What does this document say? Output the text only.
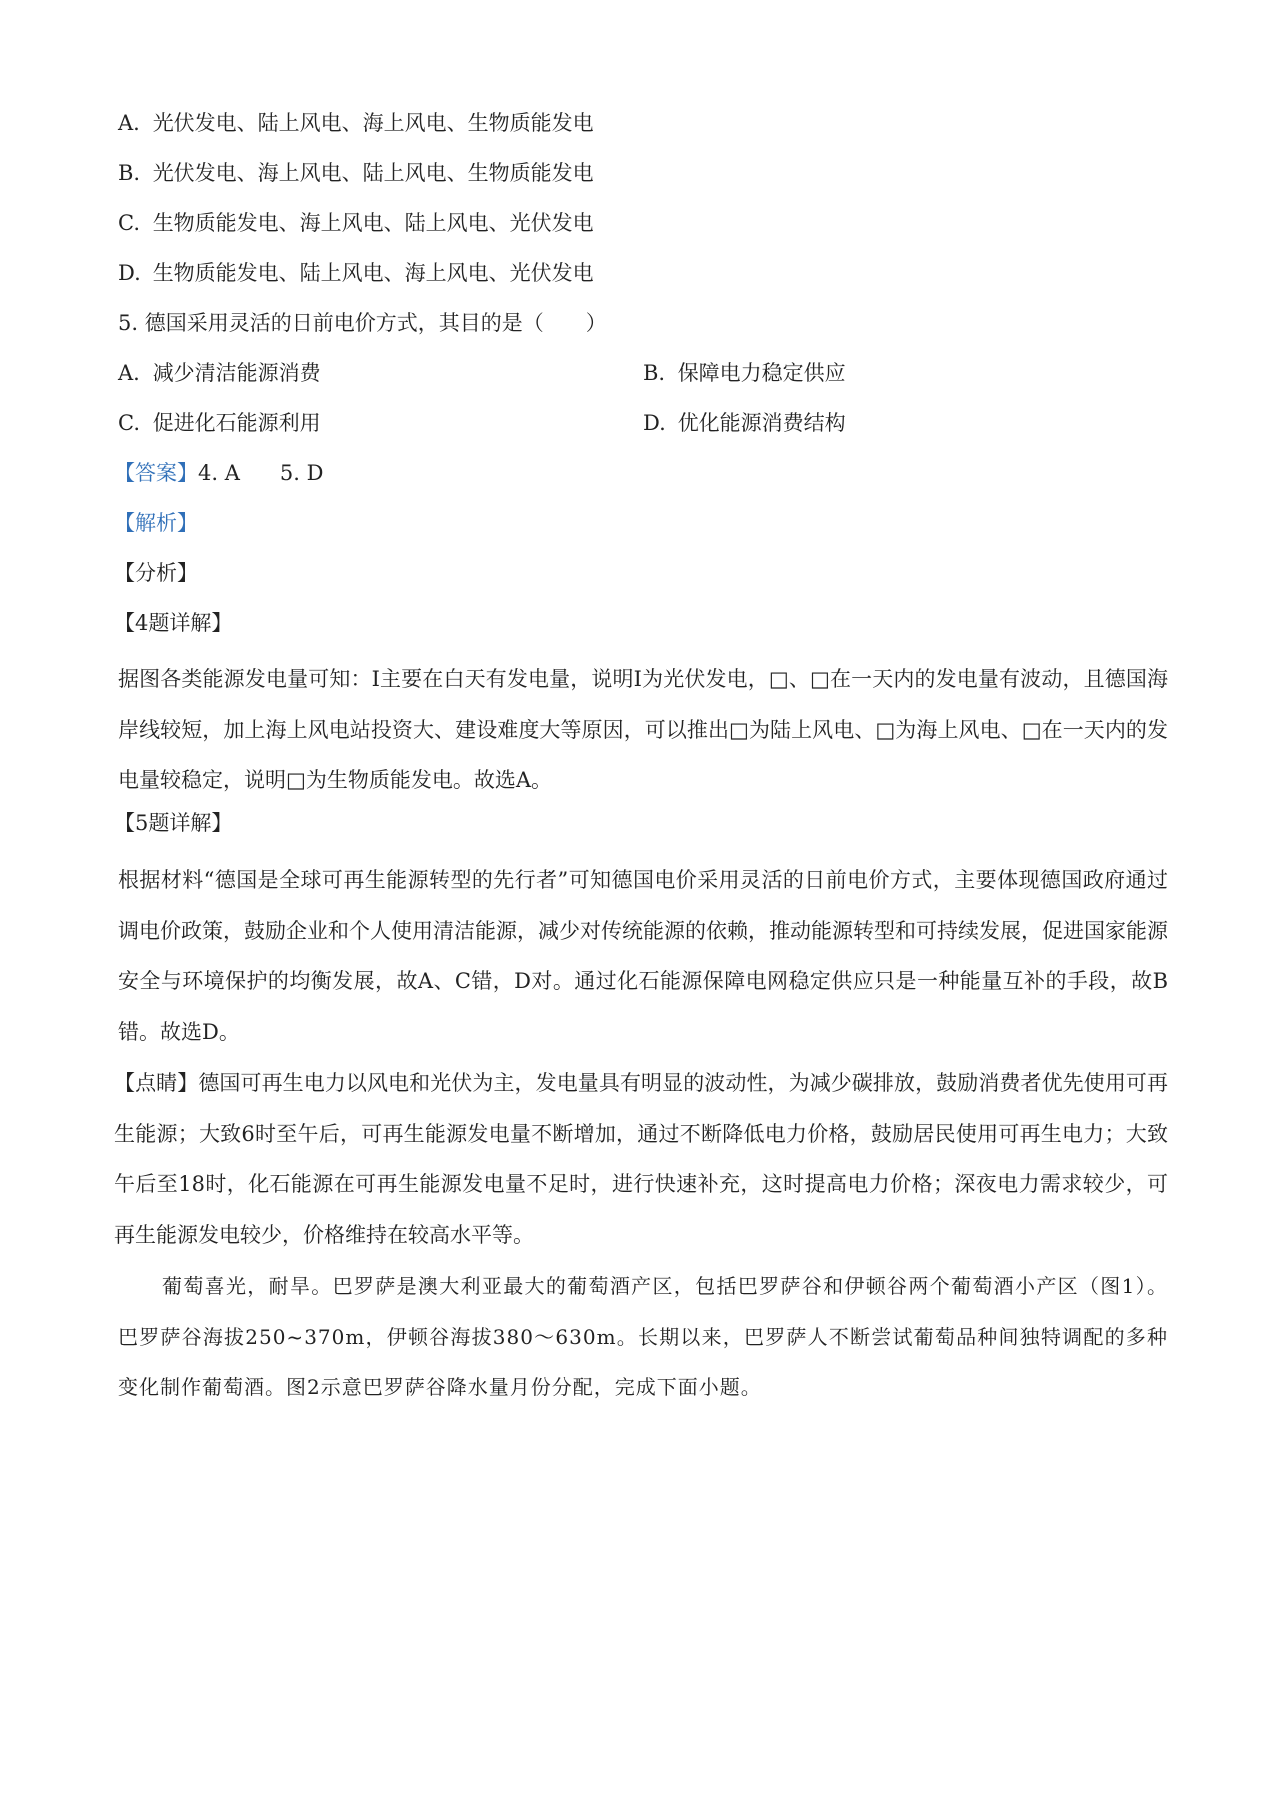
A. 光伏发电、陆上风电、海上风电、生物质能发电
B. 光伏发电、海上风电、陆上风电、生物质能发电
C. 生物质能发电、海上风电、陆上风电、光伏发电
D. 生物质能发电、陆上风电、海上风电、光伏发电
5. 德国采用灵活的日前电价方式，其目的是（　　）
A. 减少清洁能源消费	B. 保障电力稳定供应
C. 促进化石能源利用	D. 优化能源消费结构
【答案】4. A 5. D
【解析】
【分析】
【4题详解】
据图各类能源发电量可知：I主要在白天有发电量，说明I为光伏发电，□、□在一天内的发电量有波动，且德国海岸线较短，加上海上风电站投资大、建设难度大等原因，可以推出□为陆上风电、□为海上风电、□在一天内的发电量较稳定，说明□为生物质能发电。故选A。
【5题详解】
根据材料“德国是全球可再生能源转型的先行者”可知德国电价采用灵活的日前电价方式，主要体现德国政府通过调电价政策，鼓励企业和个人使用清洁能源，减少对传统能源的依赖，推动能源转型和可持续发展，促进国家能源安全与环境保护的均衡发展，故A、C错，D对。通过化石能源保障电网稳定供应只是一种能量互补的手段，故B错。故选D。
【点睛】德国可再生电力以风电和光伏为主，发电量具有明显的波动性，为减少碳排放，鼓励消费者优先使用可再生能源；大致6时至午后，可再生能源发电量不断增加，通过不断降低电力价格，鼓励居民使用可再生电力；大致午后至18时，化石能源在可再生能源发电量不足时，进行快速补充，这时提高电力价格；深夜电力需求较少，可再生能源发电较少，价格维持在较高水平等。
葡萄喜光，耐旱。巴罗萨是澳大利亚最大的葡萄酒产区，包括巴罗萨谷和伊顿谷两个葡萄酒小产区（图1）。巴罗萨谷海拔250~370m，伊顿谷海拔380～630m。长期以来，巴罗萨人不断尝试葡萄品种间独特调配的多种变化制作葡萄酒。图2示意巴罗萨谷降水量月份分配，完成下面小题。
